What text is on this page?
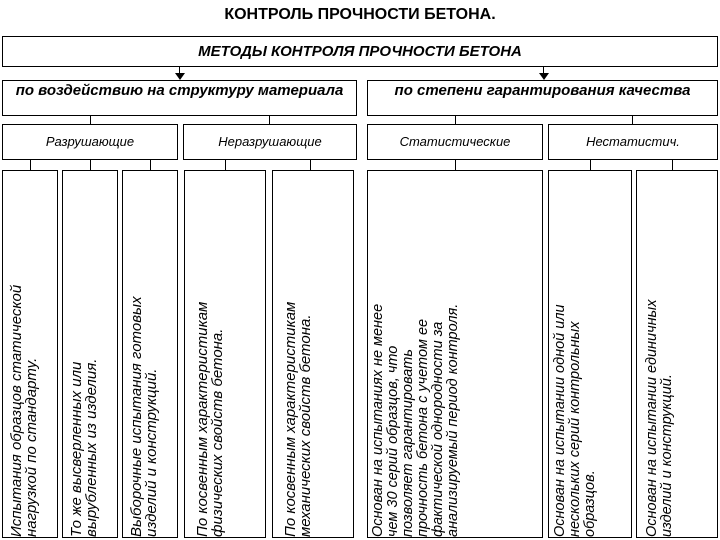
КОНТРОЛЬ ПРОЧНОСТИ БЕТОНА.
МЕТОДЫ КОНТРОЛЯ ПРОЧНОСТИ БЕТОНА
по воздействию на структуру материала	по степени гарантирования качества
Разрушающие	Неразрушающие	Статистические	Нестатистич.
Испытания образцов статической
нагрузкой по стандарту. То же высверленных или
вырубленных из изделия. Выборочные испытания готовых
изделий и конструкций. По косвенным характеристикам
физических свойств бетона.	По косвенным характеристикам
механических свойств бетона.	Основан на испытаниях не менее чем 30 серий образцов, что позволяет гарантировать прочность бетона с учетом ее фактической однородности за анализируемый период контроля.	Основан на испытании одной или нескольких серий контрольных образцов.	Основан на испытании единичных изделий и конструкций.
